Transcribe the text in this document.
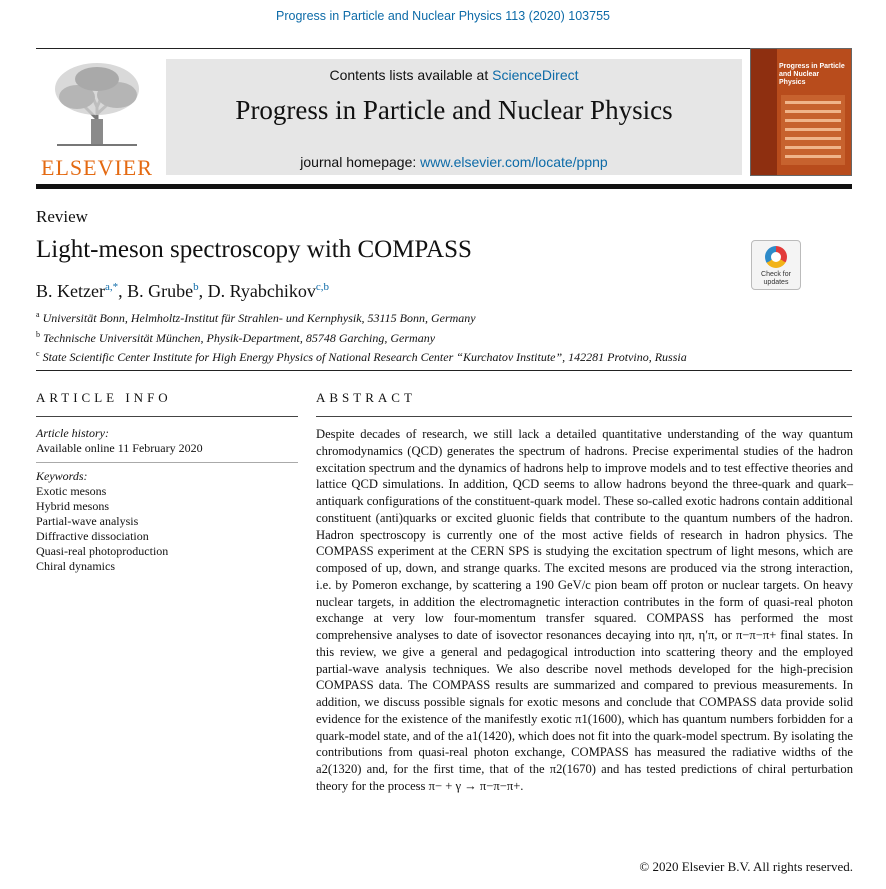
Progress in Particle and Nuclear Physics 113 (2020) 103755
ELSEVIER
Contents lists available at ScienceDirect
Progress in Particle and Nuclear Physics
journal homepage: www.elsevier.com/locate/ppnp
Progress in Particle and Nuclear Physics
Review
Light-meson spectroscopy with COMPASS
Check for updates
B. Ketzer$^{a,*}$, B. Grube$^b$, D. Ryabchikov$^{c,b}$
$^a$ Universität Bonn, Helmholtz-Institut für Strahlen- und Kernphysik, 53115 Bonn, Germany
$^b$ Technische Universität München, Physik-Department, 85748 Garching, Germany
$^c$ State Scientific Center Institute for High Energy Physics of National Research Center “Kurchatov Institute”, 142281 Protvino, Russia
ARTICLE INFO	ABSTRACT
Article history:
Available online 11 February 2020
Keywords:
Exotic mesons
Hybrid mesons
Partial-wave analysis
Diffractive dissociation
Quasi-real photoproduction
Chiral dynamics
Despite decades of research, we still lack a detailed quantitative understanding of the way quantum chromodynamics (QCD) generates the spectrum of hadrons. Precise experimental studies of the hadron excitation spectrum and the dynamics of hadrons help to improve models and to test effective theories and lattice QCD simulations. In addition, QCD seems to allow hadrons beyond the three-quark and quark–antiquark configurations of the constituent-quark model. These so-called exotic hadrons contain additional constituent (anti)quarks or excited gluonic fields that contribute to the quantum numbers of the hadron. Hadron spectroscopy is currently one of the most active fields of research in hadron physics. The COMPASS experiment at the CERN SPS is studying the excitation spectrum of light mesons, which are composed of up, down, and strange quarks. The excited mesons are produced via the strong interaction, i.e. by Pomeron exchange, by scattering a 190 GeV/c pion beam off proton or nuclear targets. On heavy nuclear targets, in addition the electromagnetic interaction contributes in the form of quasi-real photon exchange at very low four-momentum transfer squared. COMPASS has performed the most comprehensive analyses to date of isovector resonances decaying into ηπ, η′π, or π−π−π+ final states. In this review, we give a general and pedagogical introduction into scattering theory and the employed partial-wave analysis techniques. We also describe novel methods developed for the high-precision COMPASS data. The COMPASS results are summarized and compared to previous measurements. In addition, we discuss possible signals for exotic mesons and conclude that COMPASS data provide solid evidence for the existence of the manifestly exotic π1(1600), which has quantum numbers forbidden for a quark-model state, and of the a1(1420), which does not fit into the quark-model spectrum. By isolating the contributions from quasi-real photon exchange, COMPASS has measured the radiative widths of the a2(1320) and, for the first time, that of the π2(1670) and has tested predictions of chiral perturbation theory for the process π− + γ → π−π−π+.
© 2020 Elsevier B.V. All rights reserved.
